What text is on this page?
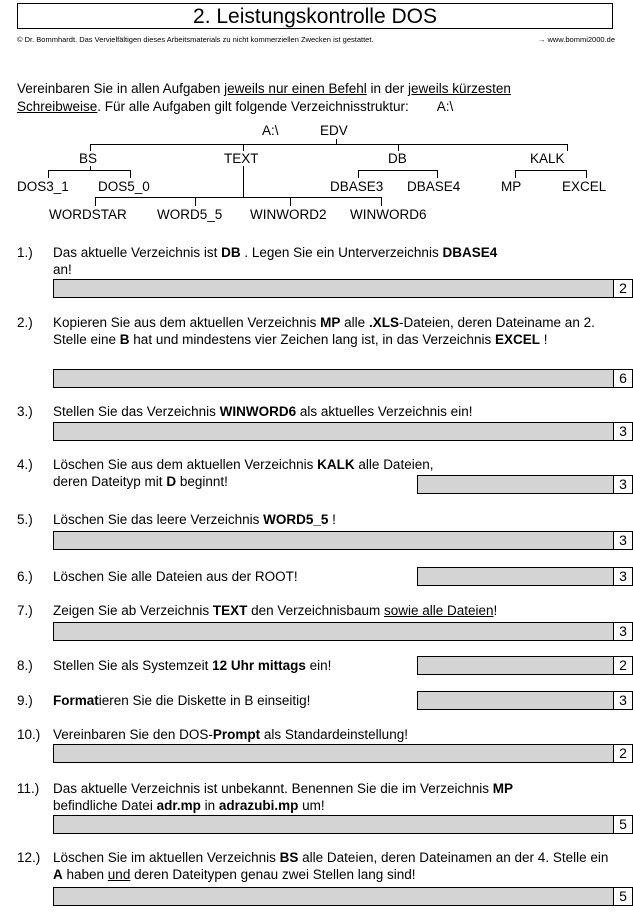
2. Leistungskontrolle DOS
© Dr. Bommhardt. Das Vervielfältigen dieses Arbeitsmaterials zu nicht kommerziellen Zwecken ist gestattet.	→ www.bommi2000.de
Vereinbaren Sie in allen Aufgaben jeweils nur einen Befehl in der jeweils kürzesten
Schreibweise. Für alle Aufgaben gilt folgende Verzeichnisstruktur: A:\
A:\	EDV
BS	TEXT	DB	KALK
DOS3_1 DOS5_0	DBASE3 DBASE4	MP	EXCEL
WORDSTAR WORD5_5 WINWORD2 WINWORD6
1.) Das aktuelle Verzeichnis ist DB . Legen Sie ein Unterverzeichnis DBASE4
an!
2
2.) Kopieren Sie aus dem aktuellen Verzeichnis MP alle .XLS-Dateien, deren Dateiname an 2. Stelle eine B hat und mindestens vier Zeichen lang ist, in das Verzeichnis EXCEL !
6
3.) Stellen Sie das Verzeichnis WINWORD6 als aktuelles Verzeichnis ein!
3
4.) Löschen Sie aus dem aktuellen Verzeichnis KALK alle Dateien,
deren Dateityp mit D beginnt!	3
5.) Löschen Sie das leere Verzeichnis WORD5_5 !
3
6.) Löschen Sie alle Dateien aus der ROOT!	3
7.) Zeigen Sie ab Verzeichnis TEXT den Verzeichnisbaum sowie alle Dateien!
3
8.) Stellen Sie als Systemzeit 12 Uhr mittags ein!	2
9.) Formatieren Sie die Diskette in B einseitig!	3
10.) Vereinbaren Sie den DOS-Prompt als Standardeinstellung!
2
11.) Das aktuelle Verzeichnis ist unbekannt. Benennen Sie die im Verzeichnis MP
befindliche Datei adr.mp in adrazubi.mp um!
5
12.) Löschen Sie im aktuellen Verzeichnis BS alle Dateien, deren Dateinamen an der 4. Stelle ein A haben und deren Dateitypen genau zwei Stellen lang sind!
5
